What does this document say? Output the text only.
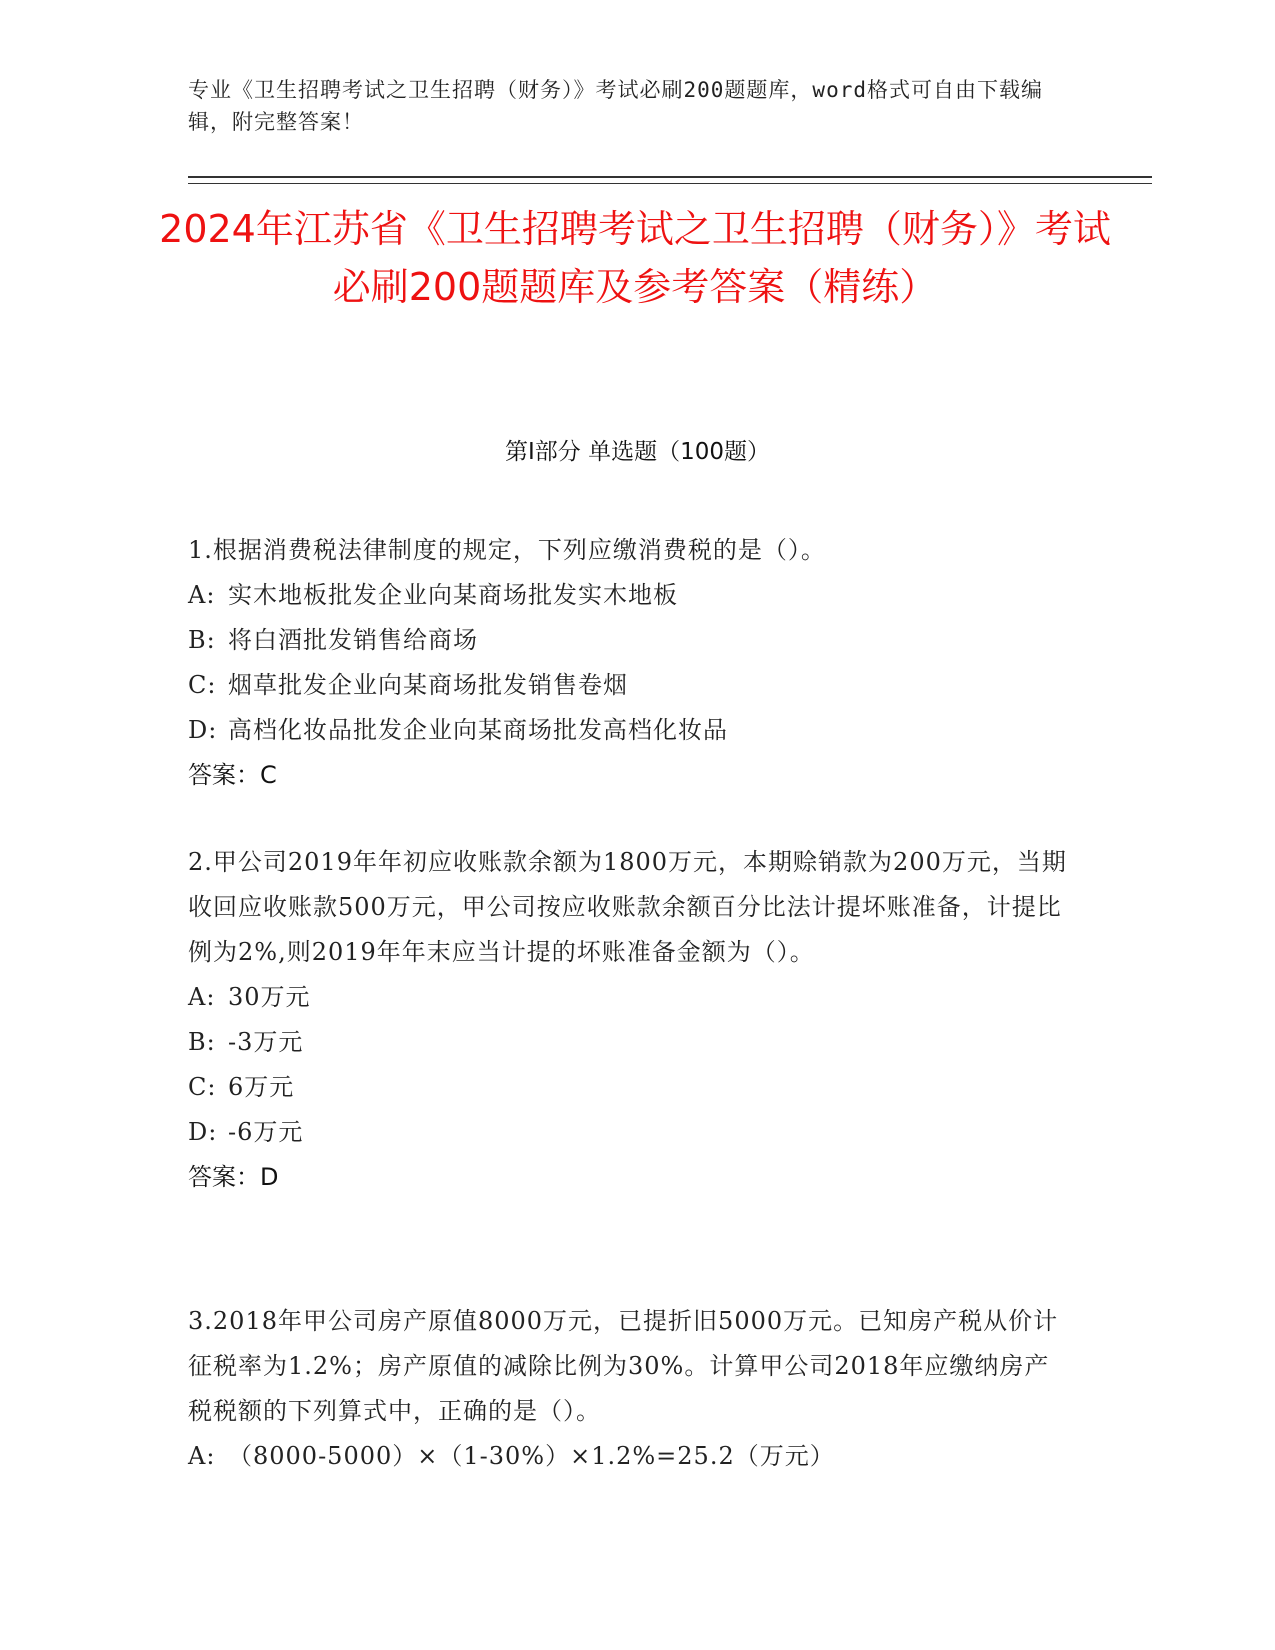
专业《卫生招聘考试之卫生招聘（财务）》考试必刷200题题库，word格式可自由下载编辑，附完整答案！
2024年江苏省《卫生招聘考试之卫生招聘（财务）》考试必刷200题题库及参考答案（精练）
第I部分 单选题（100题）
1.根据消费税法律制度的规定，下列应缴消费税的是（）。
A: 实木地板批发企业向某商场批发实木地板
B: 将白酒批发销售给商场
C: 烟草批发企业向某商场批发销售卷烟
D: 高档化妆品批发企业向某商场批发高档化妆品
答案：C
2.甲公司2019年年初应收账款余额为1800万元，本期赊销款为200万元，当期收回应收账款500万元，甲公司按应收账款余额百分比法计提坏账准备，计提比例为2%,则2019年年末应当计提的坏账准备金额为（）。
A: 30万元
B: -3万元
C: 6万元
D: -6万元
答案：D
3.2018年甲公司房产原值8000万元，已提折旧5000万元。已知房产税从价计征税率为1.2%；房产原值的减除比例为30%。计算甲公司2018年应缴纳房产税税额的下列算式中，正确的是（）。
A: （8000-5000）×（1-30%）×1.2%=25.2（万元）
